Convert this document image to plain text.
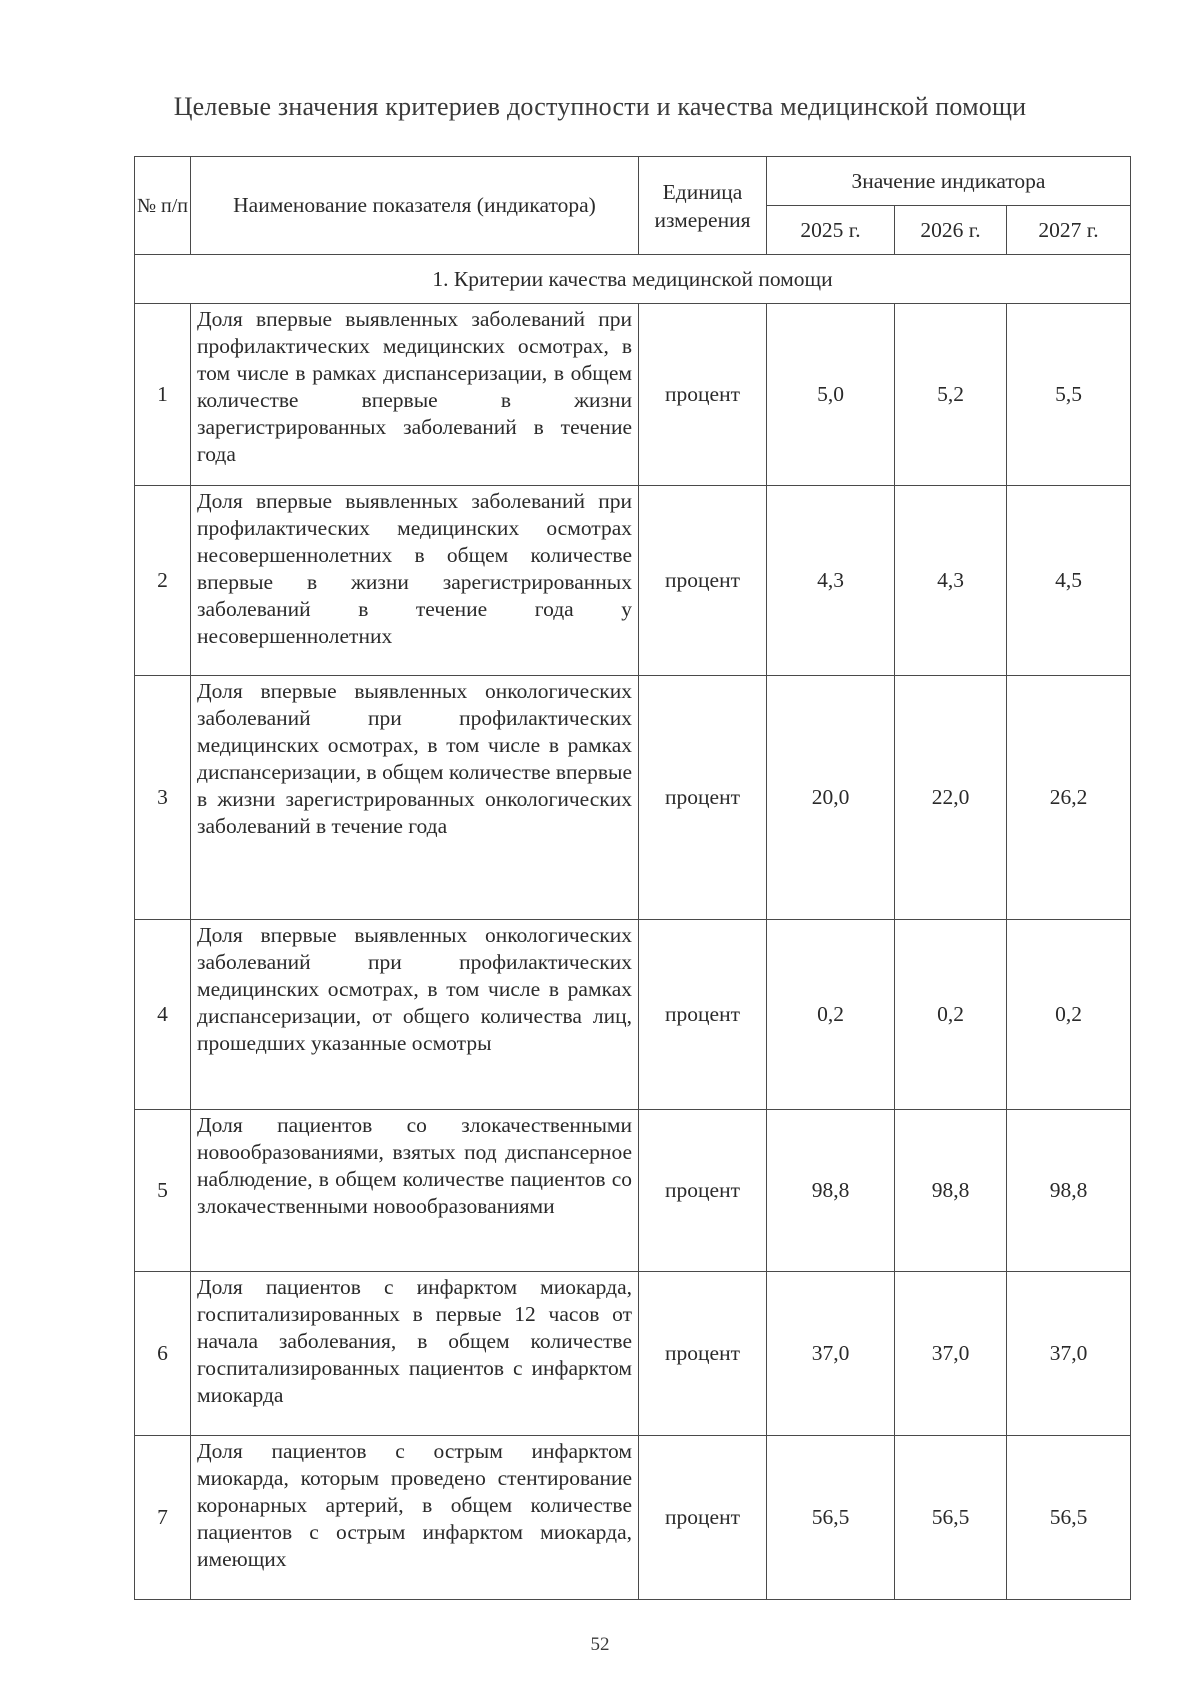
Целевые значения критериев доступности и качества медицинской помощи
№ п/п	Наименование показателя (индикатора)	Единица измерения	Значение индикатора		
			2025 г.	2026 г.	2027 г.
1. Критерии качества медицинской помощи					
1	Доля впервые выявленных заболеваний при профилактических медицинских осмотрах, в том числе в рамках диспансеризации, в общем количестве впервые в жизни зарегистрированных заболеваний в течение года	процент	5,0	5,2	5,5
2	Доля впервые выявленных заболеваний при профилактических медицинских осмотрах несовершеннолетних в общем количестве впервые в жизни зарегистрированных заболеваний в течение года у несовершеннолетних	процент	4,3	4,3	4,5
3	Доля впервые выявленных онкологических заболеваний при профилактических медицинских осмотрах, в том числе в рамках диспансеризации, в общем количестве впервые в жизни зарегистрированных онкологических заболеваний в течение года	процент	20,0	22,0	26,2
4	Доля впервые выявленных онкологических заболеваний при профилактических медицинских осмотрах, в том числе в рамках диспансеризации, от общего количества лиц, прошедших указанные осмотры	процент	0,2	0,2	0,2
5	Доля пациентов со злокачественными новообразованиями, взятых под диспансерное наблюдение, в общем количестве пациентов со злокачественными новообразованиями	процент	98,8	98,8	98,8
6	Доля пациентов с инфарктом миокарда, госпитализированных в первые 12 часов от начала заболевания, в общем количестве госпитализированных пациентов с инфарктом миокарда	процент	37,0	37,0	37,0
7	Доля пациентов с острым инфарктом миокарда, которым проведено стентирование коронарных артерий, в общем количестве пациентов с острым инфарктом миокарда, имеющих	процент	56,5	56,5	56,5
52
